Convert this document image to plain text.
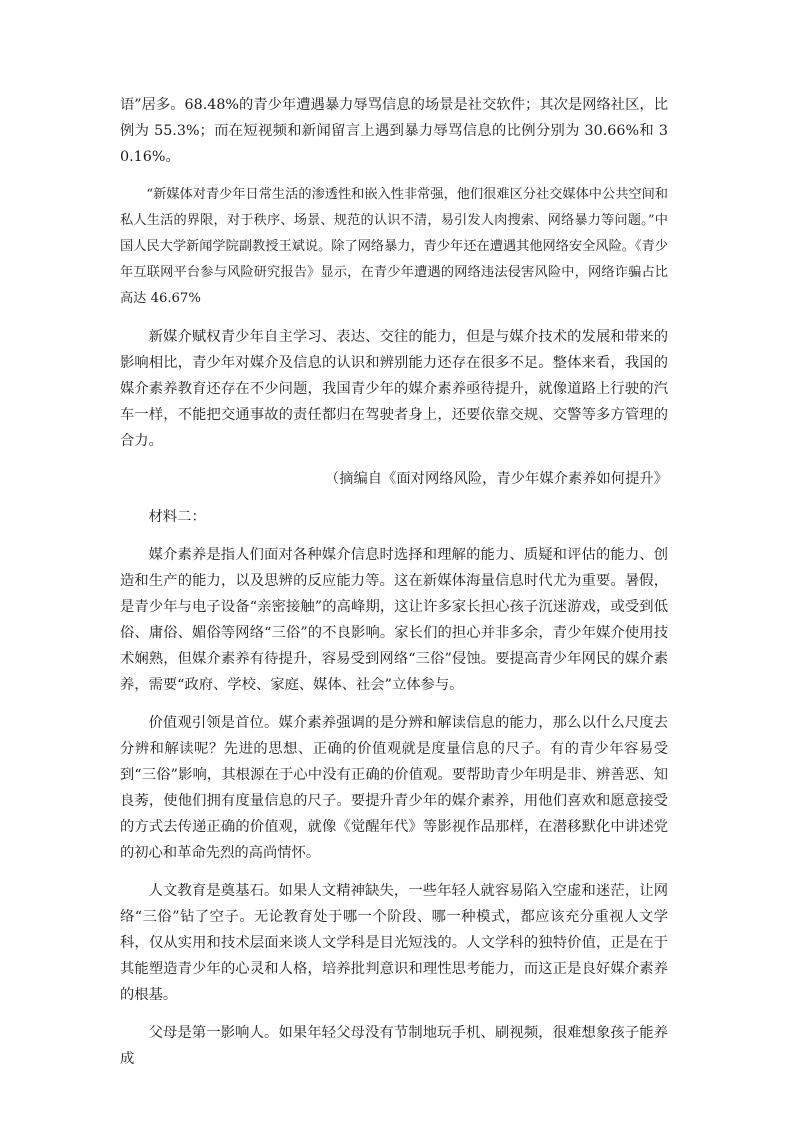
语”居多。68.48%的青少年遭遇暴力辱骂信息的场景是社交软件；其次是网络社区，比例为 55.3%；而在短视频和新闻留言上遇到暴力辱骂信息的比例分别为 30.66%和 30.16%。

“新媒体对青少年日常生活的渗透性和嵌入性非常强，他们很难区分社交媒体中公共空间和私人生活的界限，对于秩序、场景、规范的认识不清，易引发人肉搜索、网络暴力等问题。”中国人民大学新闻学院副教授王斌说。除了网络暴力，青少年还在遭遇其他网络安全风险。《青少年互联网平台参与风险研究报告》显示，在青少年遭遇的网络违法侵害风险中，网络诈骗占比高达 46.67%

新媒介赋权青少年自主学习、表达、交往的能力，但是与媒介技术的发展和带来的影响相比，青少年对媒介及信息的认识和辨别能力还存在很多不足。整体来看，我国的媒介素养教育还存在不少问题，我国青少年的媒介素养亟待提升，就像道路上行驶的汽车一样，不能把交通事故的责任都归在驾驶者身上，还要依靠交规、交警等多方管理的合力。

（摘编自《面对网络风险，青少年媒介素养如何提升》

材料二：

媒介素养是指人们面对各种媒介信息时选择和理解的能力、质疑和评估的能力、创造和生产的能力，以及思辨的反应能力等。这在新媒体海量信息时代尤为重要。暑假，是青少年与电子设备“亲密接触”的高峰期，这让许多家长担心孩子沉迷游戏，或受到低俗、庸俗、媚俗等网络“三俗”的不良影响。家长们的担心并非多余，青少年媒介使用技术娴熟，但媒介素养有待提升，容易受到网络“三俗”侵蚀。要提高青少年网民的媒介素养，需要“政府、学校、家庭、媒体、社会”立体参与。

价值观引领是首位。媒介素养强调的是分辨和解读信息的能力，那么以什么尺度去分辨和解读呢？先进的思想、正确的价值观就是度量信息的尺子。有的青少年容易受到“三俗”影响，其根源在于心中没有正确的价值观。要帮助青少年明是非、辨善恶、知良莠，使他们拥有度量信息的尺子。要提升青少年的媒介素养，用他们喜欢和愿意接受的方式去传递正确的价值观，就像《觉醒年代》等影视作品那样，在潜移默化中讲述党的初心和革命先烈的高尚情怀。

人文教育是奠基石。如果人文精神缺失，一些年轻人就容易陷入空虚和迷茫，让网络“三俗”钻了空子。无论教育处于哪一个阶段、哪一种模式，都应该充分重视人文学科，仅从实用和技术层面来谈人文学科是目光短浅的。人文学科的独特价值，正是在于其能塑造青少年的心灵和人格，培养批判意识和理性思考能力，而这正是良好媒介素养的根基。

父母是第一影响人。如果年轻父母没有节制地玩手机、刷视频，很难想象孩子能养成
